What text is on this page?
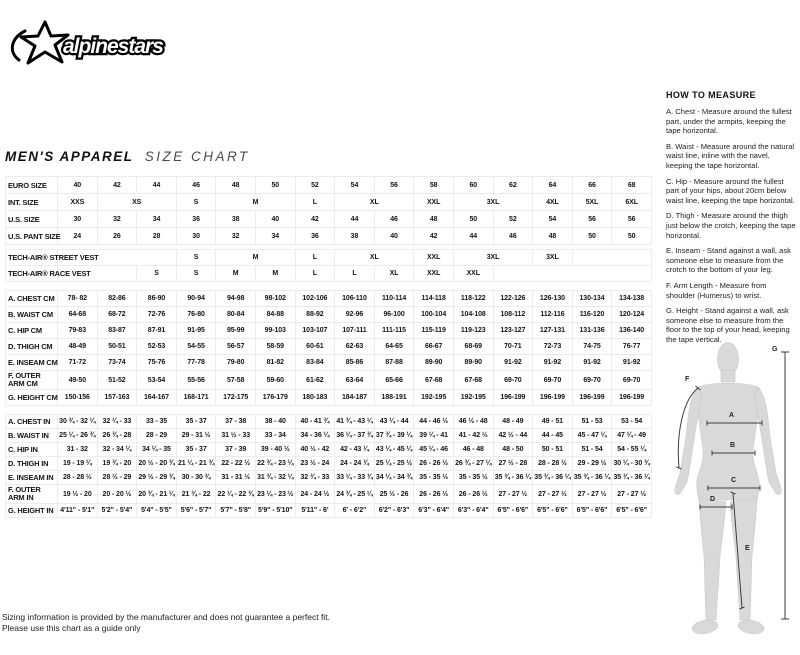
alpinestars
MEN'S APPAREL SIZE CHART
EURO SIZE	40	42	44	46	48	50	52	54	56	58	60	62	64	66	68
INT. SIZE	XXS	XS		S	M		L	XL		XXL	3XL		4XL	5XL	6XL
U.S. SIZE	30	32	34	36	38	40	42	44	46	48	50	52	54	56	56
U.S. PANT SIZE	24	26	28	30	32	34	36	38	40	42	44	46	48	50	50

TECH-AIR® STREET VEST				S	M		L	XL		XXL	3XL		3XL		
TECH-AIR® RACE VEST			S	S	M	M	L	L	XL	XXL	XXL				

A. CHEST CM	78- 82	82-86	86-90	90-94	94-98	98-102	102-106	106-110	110-114	114-118	118-122	122-126	126-130	130-134	134-138
B. WAIST CM	64-68	68-72	72-76	76-80	80-84	84-88	88-92	92-96	96-100	100-104	104-108	108-112	112-116	116-120	120-124
C. HIP CM	79-83	83-87	87-91	91-95	95-99	99-103	103-107	107-111	111-115	115-119	119-123	123-127	127-131	131-136	136-140
D. THIGH CM	48-49	50-51	52-53	54-55	56-57	58-59	60-61	62-63	64-65	66-67	68-69	70-71	72-73	74-75	76-77
E. INSEAM CM	71-72	73-74	75-76	77-78	79-80	81-82	83-84	85-86	87-88	89-90	89-90	91-92	91-92	91-92	91-92
F. OUTER ARM CM	49-50	51-52	53-54	55-56	57-58	59-60	61-62	63-64	65-66	67-68	67-68	69-70	69-70	69-70	69-70
G. HEIGHT CM	150-156	157-163	164-167	168-171	172-175	176-179	180-183	184-187	188-191	192-195	192-195	196-199	196-199	196-199	196-199

A. CHEST IN	30 ¾ - 32 ¼	32 ¼ - 33	33 - 35	35 - 37	37 - 38	38 - 40	40 - 41 ¾	41 ¾ - 43 ¼	43 ¼ - 44	44 - 46 ½	46 ½ - 48	48 - 49	49 - 51	51 - 53	53 - 54
B. WAIST IN	25 ¼ - 26 ¾	26 ¾ - 28	28 - 29	29 - 31 ½	31 ½ - 33	33 - 34	34 - 36 ¼	36 ¼ - 37 ¾	37 ¾ - 39 ¼	39 ¼ - 41	41 - 42 ½	42 ½ - 44	44 - 45	45 - 47 ¼	47 ¼ - 49
C. HIP IN	31 - 32	32 - 34 ¼	34 ¼ - 35	35 - 37	37 - 39	39 - 40 ½	40 ½ - 42	42 - 43 ¼	43 ¼ - 45 ¼	45 ¼ - 46	46 - 48	48 - 50	50 - 51	51 - 54	54 - 55 ¼
D. THIGH IN	19 - 19 ¼	19 ¾ - 20	20 ½ - 20 ¾	21 ¼ - 21 ¾	22 - 22 ½	22 ¾ - 23 ¼	23 ½ - 24	24 - 24 ¾	25 ¼ - 25 ½	26 - 26 ½	26 ¾ - 27 ¼	27 ½ - 28	28 - 28 ½	29 - 29 ½	30 ¼ - 30 ¾
E. INSEAM IN	28 - 28 ½	28 ½ - 29	29 ½ - 29 ¾	30 - 30 ¾	31 - 31 ½	31 ¾ - 32 ¼	32 ¾ - 33	33 ¼ - 33 ¾	34 ¼ - 34 ¾	35 - 35 ½	35 - 35 ½	35 ¾ - 36 ¼	35 ¾ - 36 ¼	35 ¾ - 36 ¼	35 ¾ - 36 ¼
F. OUTER ARM IN	19 ½ - 20	20 - 20 ½	20 ¾ - 21 ¼	21 ¾ - 22	22 ¼ - 22 ¾	23 ¼ - 23 ½	24 - 24 ½	24 ¾ - 25 ¼	25 ½ - 26	26 - 26 ½	26 - 26 ½	27 - 27 ½	27 - 27 ½	27 - 27 ½	27 - 27 ½
G. HEIGHT IN	4'11" - 5'1"	5'2" - 5'4"	5'4" - 5'5"	5'6" - 5'7"	5'7" - 5'8"	5'9" - 5'10"	5'11" - 6'	6' - 6'2"	6'2" - 6'3"	6'3" - 6'4"	6'3" - 6'4"	6'5" - 6'6"	6'5" - 6'6"	6'5" - 6'6"	6'5" - 6'6"
HOW TO MEASURE

A. Chest - Measure around the fullest part, under the armpits, keeping the tape horizontal.

B. Waist - Measure around the natural waist line, inline with the navel, keeping the tape horizontal.

C. Hip - Measure around the fullest part of your hips, about 20cm below waist line, keeping the tape horizontal.

D. Thigh - Measure around the thigh just below the crotch, keeping the tape horizontal.

E. Inseam - Stand against a wall, ask someone else to measure from the crotch to the bottom of your leg.

F. Arm Length - Measure from shoulder (Humerus) to wrist.

G. Height - Stand against a wall, ask someone else to measure from the floor to the top of your head, keeping the tape vertical.

A
B
C
D
E
F
G
Sizing information is provided by the manufacturer and does not guarantee a perfect fit.
Please use this chart as a guide only
